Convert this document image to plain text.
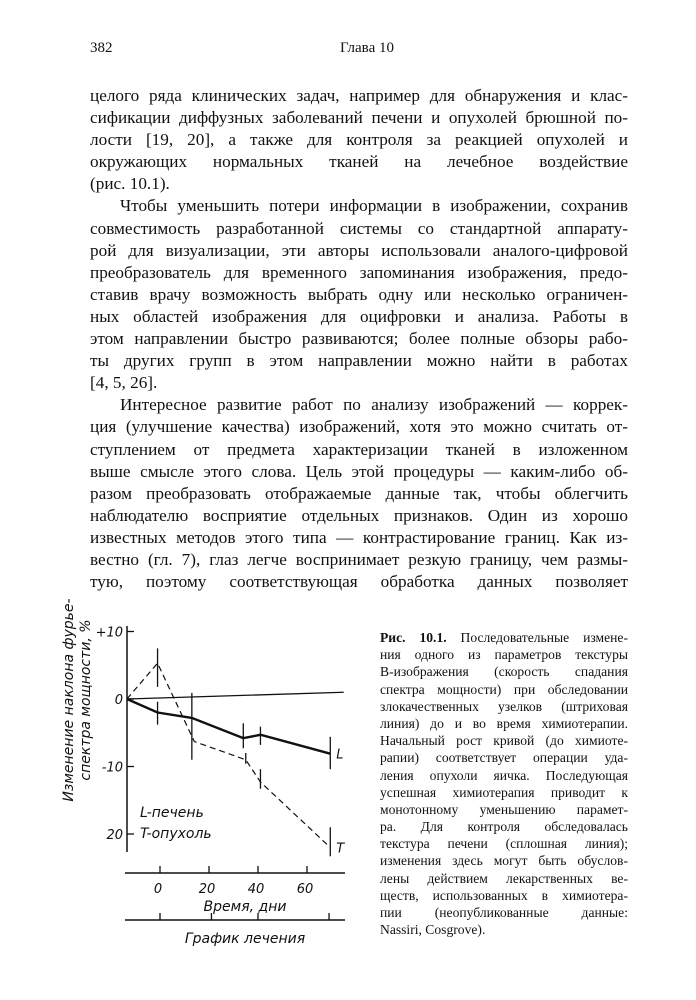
382	Глава 10
целого ряда клинических задач, например для обнаружения и клас-
сификации диффузных заболеваний печени и опухолей брюшной по-
лости [19, 20], а также для контроля за реакцией опухолей и
окружающих нормальных тканей на лечебное воздействие
(рис. 10.1).
Чтобы уменьшить потери информации в изображении, сохранив
совместимость разработанной системы со стандартной аппарату-
рой для визуализации, эти авторы использовали аналого-цифровой
преобразователь для временного запоминания изображения, предо-
ставив врачу возможность выбрать одну или несколько ограничен-
ных областей изображения для оцифровки и анализа. Работы в
этом направлении быстро развиваются; более полные обзоры рабо-
ты других групп в этом направлении можно найти в работах
[4, 5, 26].
Интересное развитие работ по анализу изображений — коррек-
ция (улучшение качества) изображений, хотя это можно считать от-
ступлением от предмета характеризации тканей в изложенном
выше смысле этого слова. Цель этой процедуры — каким-либо об-
разом преобразовать отображаемые данные так, чтобы облегчить
наблюдателю восприятие отдельных признаков. Один из хорошо
известных методов этого типа — контрастирование границ. Как из-
вестно (гл. 7), глаз легче воспринимает резкую границу, чем размы-
тую, поэтому соответствующая обработка данных позволяет
+10
0
-10
20
0	20 40 60
Время, дни
График лечения
Изменение наклона фурье- спектра мощности, %	L
T
L-печень
T-опухоль
Рис. 10.1. Последовательные измене-
ния одного из параметров текстуры
В-изображения (скорость спадания
спектра мощности) при обследовании
злокачественных узелков (штриховая
линия) до и во время химиотерапии.
Начальный рост кривой (до химиоте-
рапии) соответствует операции уда-
ления опухоли яичка. Последующая
успешная химиотерапия приводит к
монотонному уменьшению парамет-
ра. Для контроля обследовалась
текстура печени (сплошная линия);
изменения здесь могут быть обуслов-
лены действием лекарственных ве-
ществ, использованных в химиотера-
пии (неопубликованные данные:
Nassiri, Cosgrove).
